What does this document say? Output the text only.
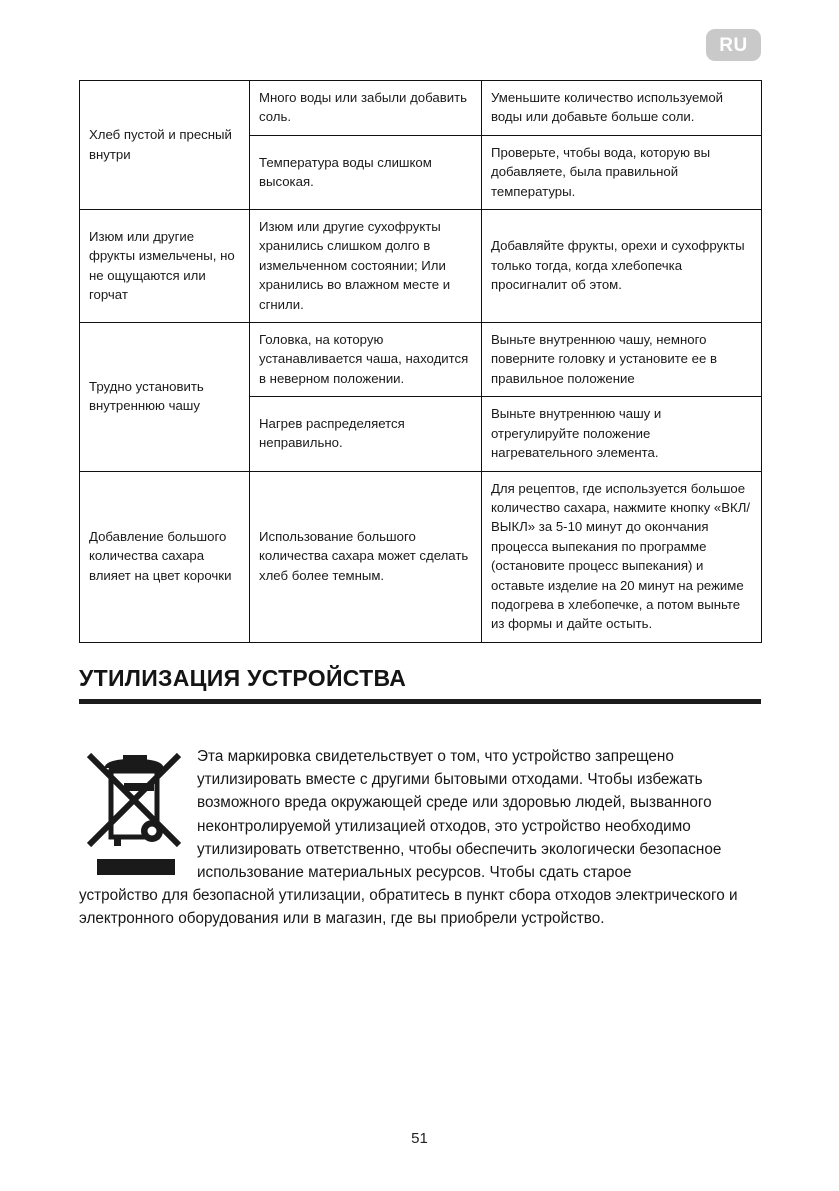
RU
Хлеб пустой и пресный внутри	Много воды или забыли добавить соль.	Уменьшите количество используемой воды или добавьте больше соли.
	Температура воды слишком высокая.	Проверьте, чтобы вода, которую вы добавляете, была правильной температуры.
Изюм или другие фрукты измельчены, но не ощущаются или горчат	Изюм или другие сухофрукты хранились слишком долго в измельченном состоянии; Или хранились во влажном месте и сгнили.	Добавляйте фрукты, орехи и сухофрукты только тогда, когда хлебопечка просигналит об этом.
Трудно установить внутреннюю чашу	Головка, на которую устанавливается чаша, находится в неверном положении.	Выньте внутреннюю чашу, немного поверните головку и установите ее в правильное положение
	Нагрев распределяется неправильно.	Выньте внутреннюю чашу и отрегулируйте положение нагревательного элемента.
Добавление большого количества сахара влияет на цвет корочки	Использование большого количества сахара может сделать хлеб более темным.	Для рецептов, где используется большое количество сахара, нажмите кнопку «ВКЛ/ВЫКЛ» за 5-10 минут до окончания процесса выпекания по программе (остановите процесс выпекания) и оставьте изделие на 20 минут на режиме подогрева в хлебопечке, а потом выньте из формы и дайте остыть.
УТИЛИЗАЦИЯ УСТРОЙСТВА

Эта маркировка свидетельствует о том, что устройство запрещено утилизировать вместе с другими бытовыми отходами. Чтобы избежать возможного вреда окружающей среде или здоровью людей, вызванного неконтролируемой утилизацией отходов, это устройство необходимо утилизировать ответственно, чтобы обеспечить экологически безопасное использование материальных ресурсов. Чтобы сдать старое
устройство для безопасной утилизации, обратитесь в пункт сбора отходов электрического и электронного оборудования или в магазин, где вы приобрели устройство.

51
